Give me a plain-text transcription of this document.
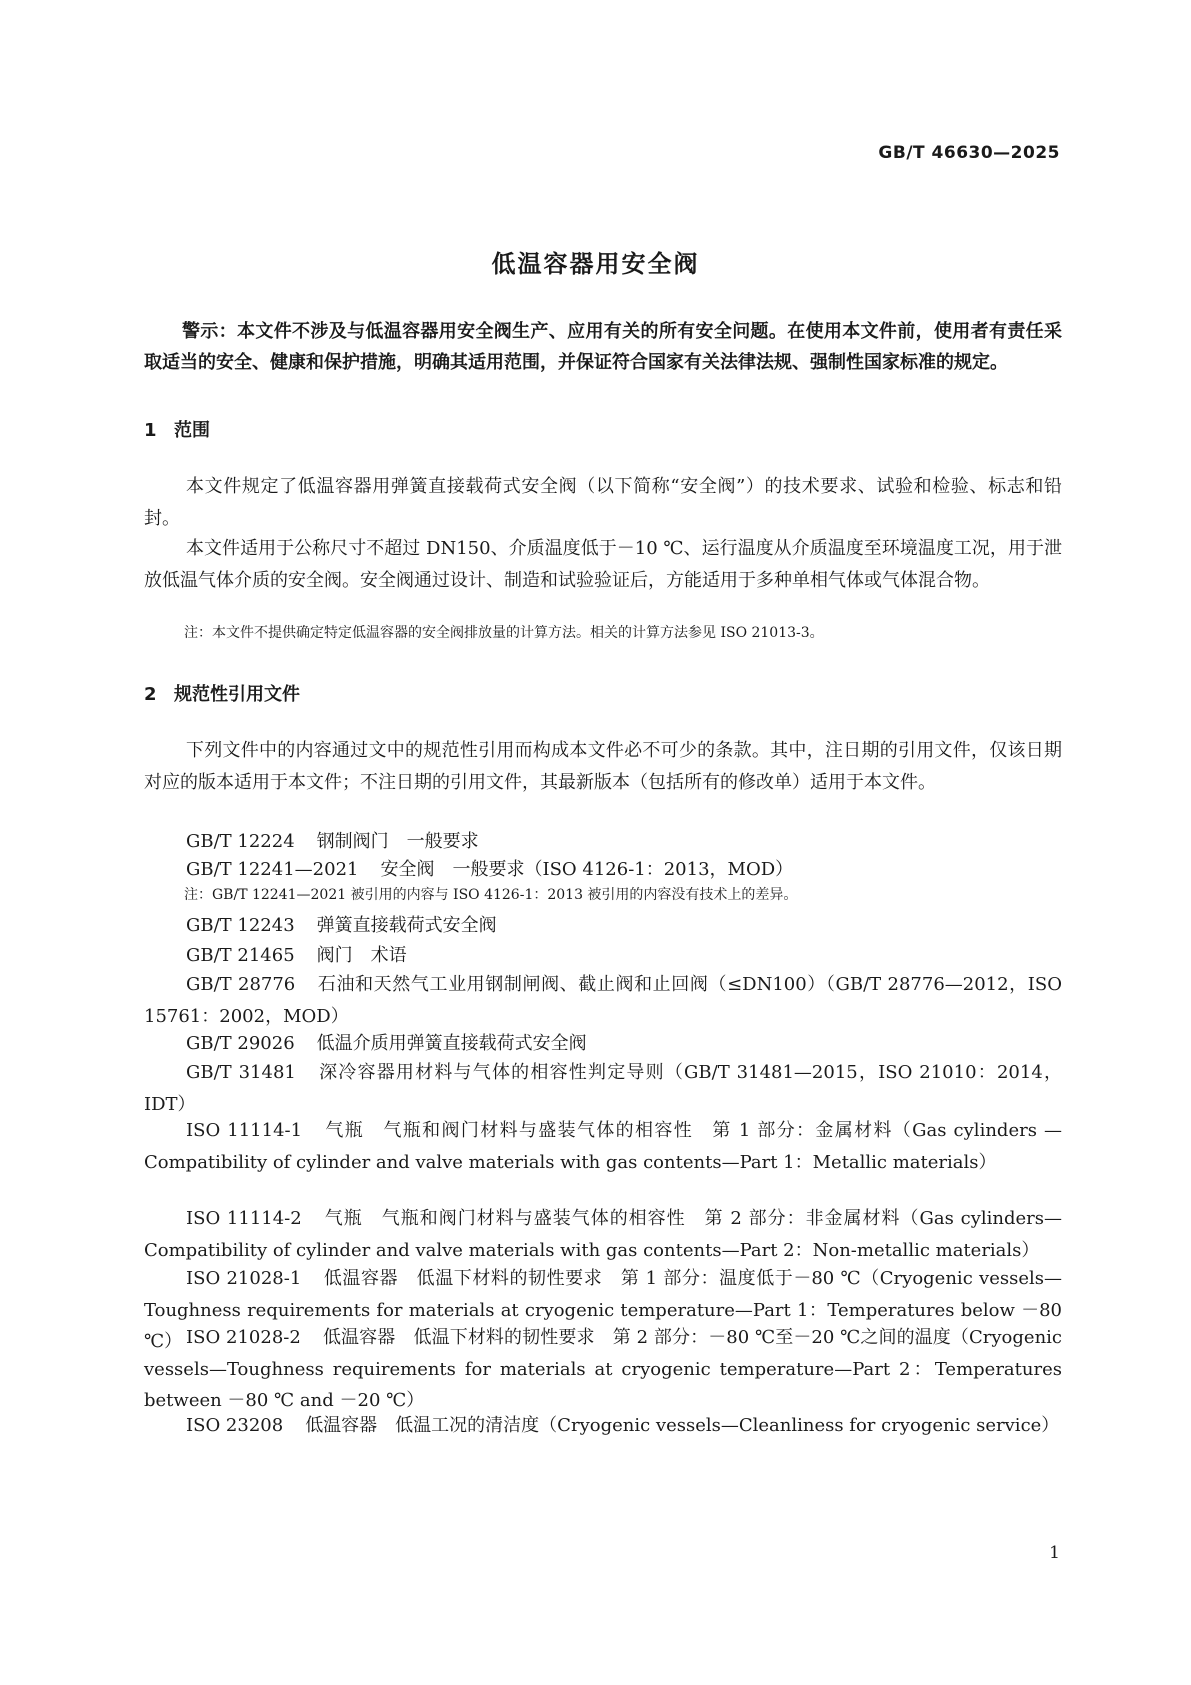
GB/T 46630—2025
低温容器用安全阀
警示：本文件不涉及与低温容器用安全阀生产、应用有关的所有安全问题。在使用本文件前，使用者有责任采取适当的安全、健康和保护措施，明确其适用范围，并保证符合国家有关法律法规、强制性国家标准的规定。
1 范围
本文件规定了低温容器用弹簧直接载荷式安全阀（以下简称“安全阀”）的技术要求、试验和检验、标志和铅封。
本文件适用于公称尺寸不超过 DN150、介质温度低于－10 ℃、运行温度从介质温度至环境温度工况，用于泄放低温气体介质的安全阀。安全阀通过设计、制造和试验验证后，方能适用于多种单相气体或气体混合物。
注：本文件不提供确定特定低温容器的安全阀排放量的计算方法。相关的计算方法参见 ISO 21013-3。
2 规范性引用文件
下列文件中的内容通过文中的规范性引用而构成本文件必不可少的条款。其中，注日期的引用文件，仅该日期对应的版本适用于本文件；不注日期的引用文件，其最新版本（包括所有的修改单）适用于本文件。
GB/T 12224 钢制阀门　一般要求
GB/T 12241—2021 安全阀　一般要求（ISO 4126-1：2013，MOD）
注：GB/T 12241—2021 被引用的内容与 ISO 4126-1：2013 被引用的内容没有技术上的差异。
GB/T 12243 弹簧直接载荷式安全阀
GB/T 21465 阀门　术语
GB/T 28776 石油和天然气工业用钢制闸阀、截止阀和止回阀（≤DN100）（GB/T 28776—2012，ISO 15761：2002，MOD）
GB/T 29026 低温介质用弹簧直接载荷式安全阀
GB/T 31481 深冷容器用材料与气体的相容性判定导则（GB/T 31481—2015，ISO 21010：2014，IDT）
ISO 11114-1 气瓶　气瓶和阀门材料与盛装气体的相容性　第 1 部分：金属材料（Gas cylinders —Compatibility of cylinder and valve materials with gas contents—Part 1：Metallic materials）
ISO 11114-2 气瓶　气瓶和阀门材料与盛装气体的相容性　第 2 部分：非金属材料（Gas cylinders—Compatibility of cylinder and valve materials with gas contents—Part 2：Non-metallic materials）
ISO 21028-1 低温容器　低温下材料的韧性要求　第 1 部分：温度低于－80 ℃（Cryogenic vessels—Toughness requirements for materials at cryogenic temperature—Part 1：Temperatures below －80 ℃） ISO 21028-2 低温容器　低温下材料的韧性要求　第 2 部分：－80 ℃至－20 ℃之间的温度（Cryogenic vessels—Toughness requirements for materials at cryogenic temperature—Part 2：Temperatures between －80 ℃ and －20 ℃）
ISO 23208 低温容器　低温工况的清洁度（Cryogenic vessels—Cleanliness for cryogenic service）
1
